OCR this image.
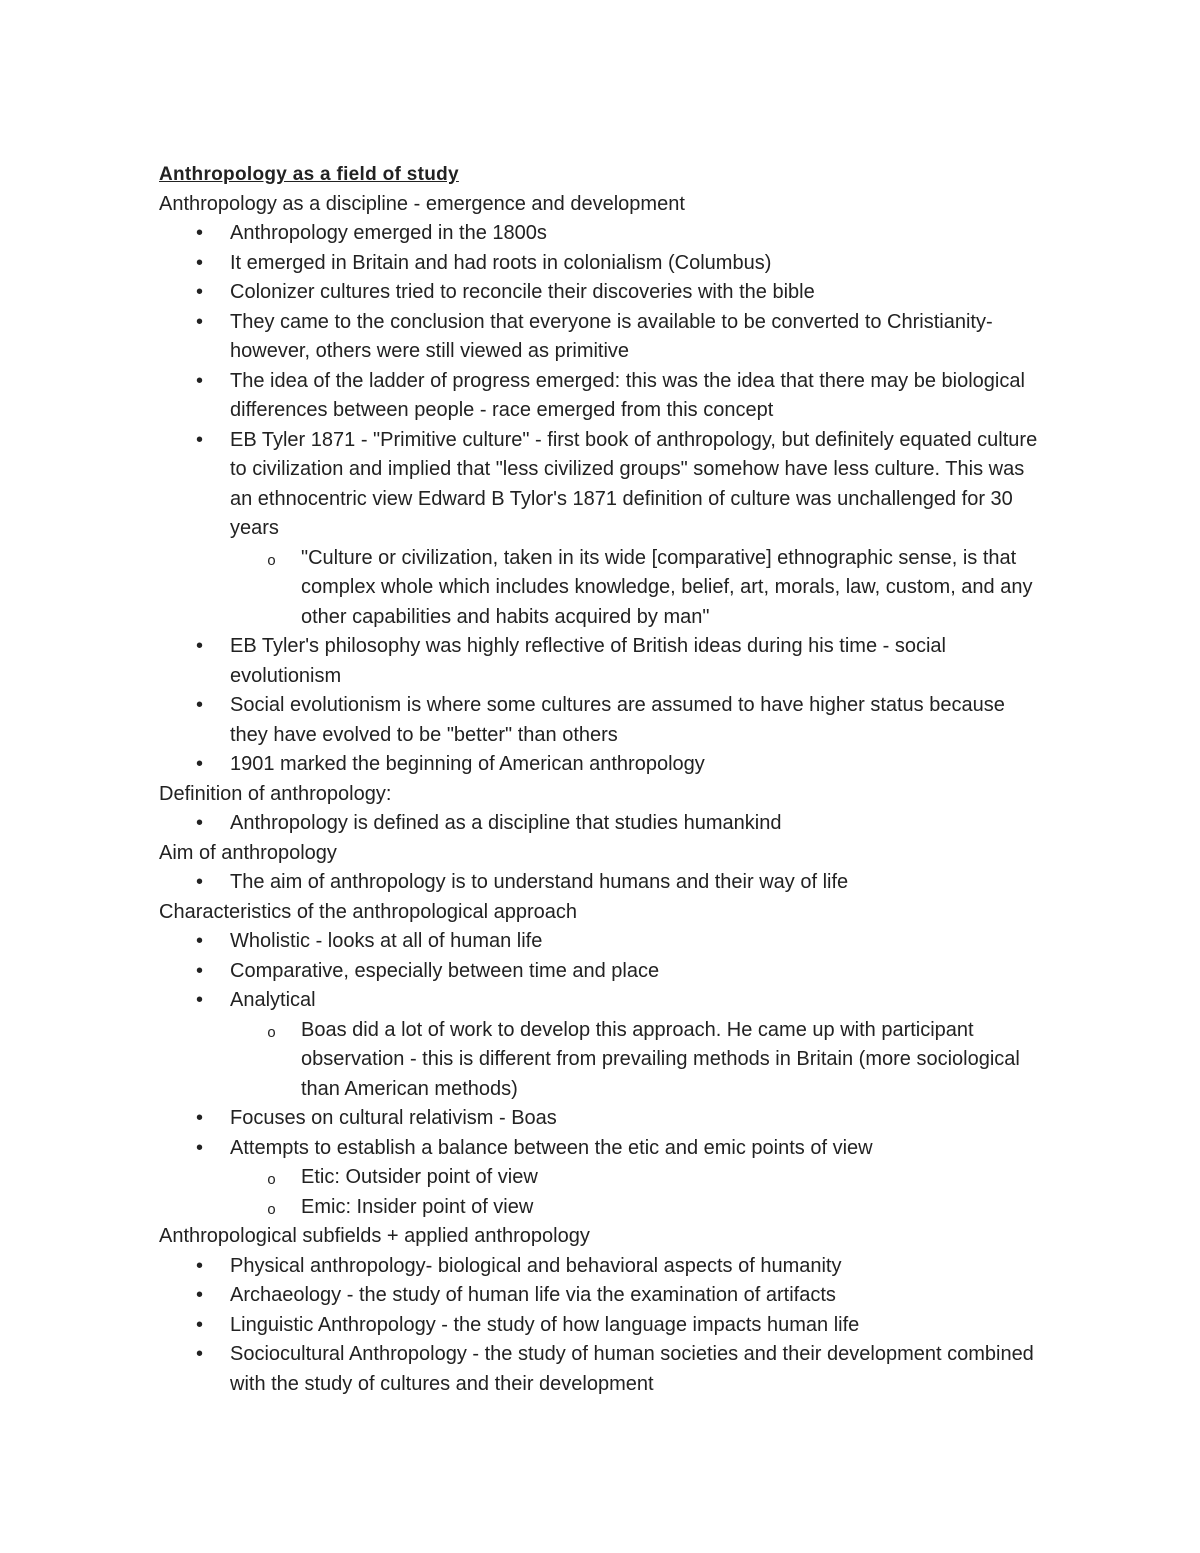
Anthropology as a field of study
Anthropology as a discipline - emergence and development
• Anthropology emerged in the 1800s
• It emerged in Britain and had roots in colonialism (Columbus)
• Colonizer cultures tried to reconcile their discoveries with the bible
• They came to the conclusion that everyone is available to be converted to Christianity- however, others were still viewed as primitive
• The idea of the ladder of progress emerged: this was the idea that there may be biological differences between people - race emerged from this concept
• EB Tyler 1871 - "Primitive culture" - first book of anthropology, but definitely equated culture to civilization and implied that "less civilized groups" somehow have less culture. This was an ethnocentric view Edward B Tylor's 1871 definition of culture was unchallenged for 30 years
o "Culture or civilization, taken in its wide [comparative] ethnographic sense, is that complex whole which includes knowledge, belief, art, morals, law, custom, and any other capabilities and habits acquired by man"
• EB Tyler's philosophy was highly reflective of British ideas during his time - social evolutionism
• Social evolutionism is where some cultures are assumed to have higher status because they have evolved to be "better" than others
• 1901 marked the beginning of American anthropology
Definition of anthropology:
• Anthropology is defined as a discipline that studies humankind
Aim of anthropology
• The aim of anthropology is to understand humans and their way of life
Characteristics of the anthropological approach
• Wholistic - looks at all of human life
• Comparative, especially between time and place
• Analytical
o Boas did a lot of work to develop this approach. He came up with participant observation - this is different from prevailing methods in Britain (more sociological than American methods)
• Focuses on cultural relativism - Boas
• Attempts to establish a balance between the etic and emic points of view
o Etic: Outsider point of view
o Emic: Insider point of view
Anthropological subfields + applied anthropology
• Physical anthropology- biological and behavioral aspects of humanity
• Archaeology - the study of human life via the examination of artifacts
• Linguistic Anthropology - the study of how language impacts human life
• Sociocultural Anthropology - the study of human societies and their development combined with the study of cultures and their development
